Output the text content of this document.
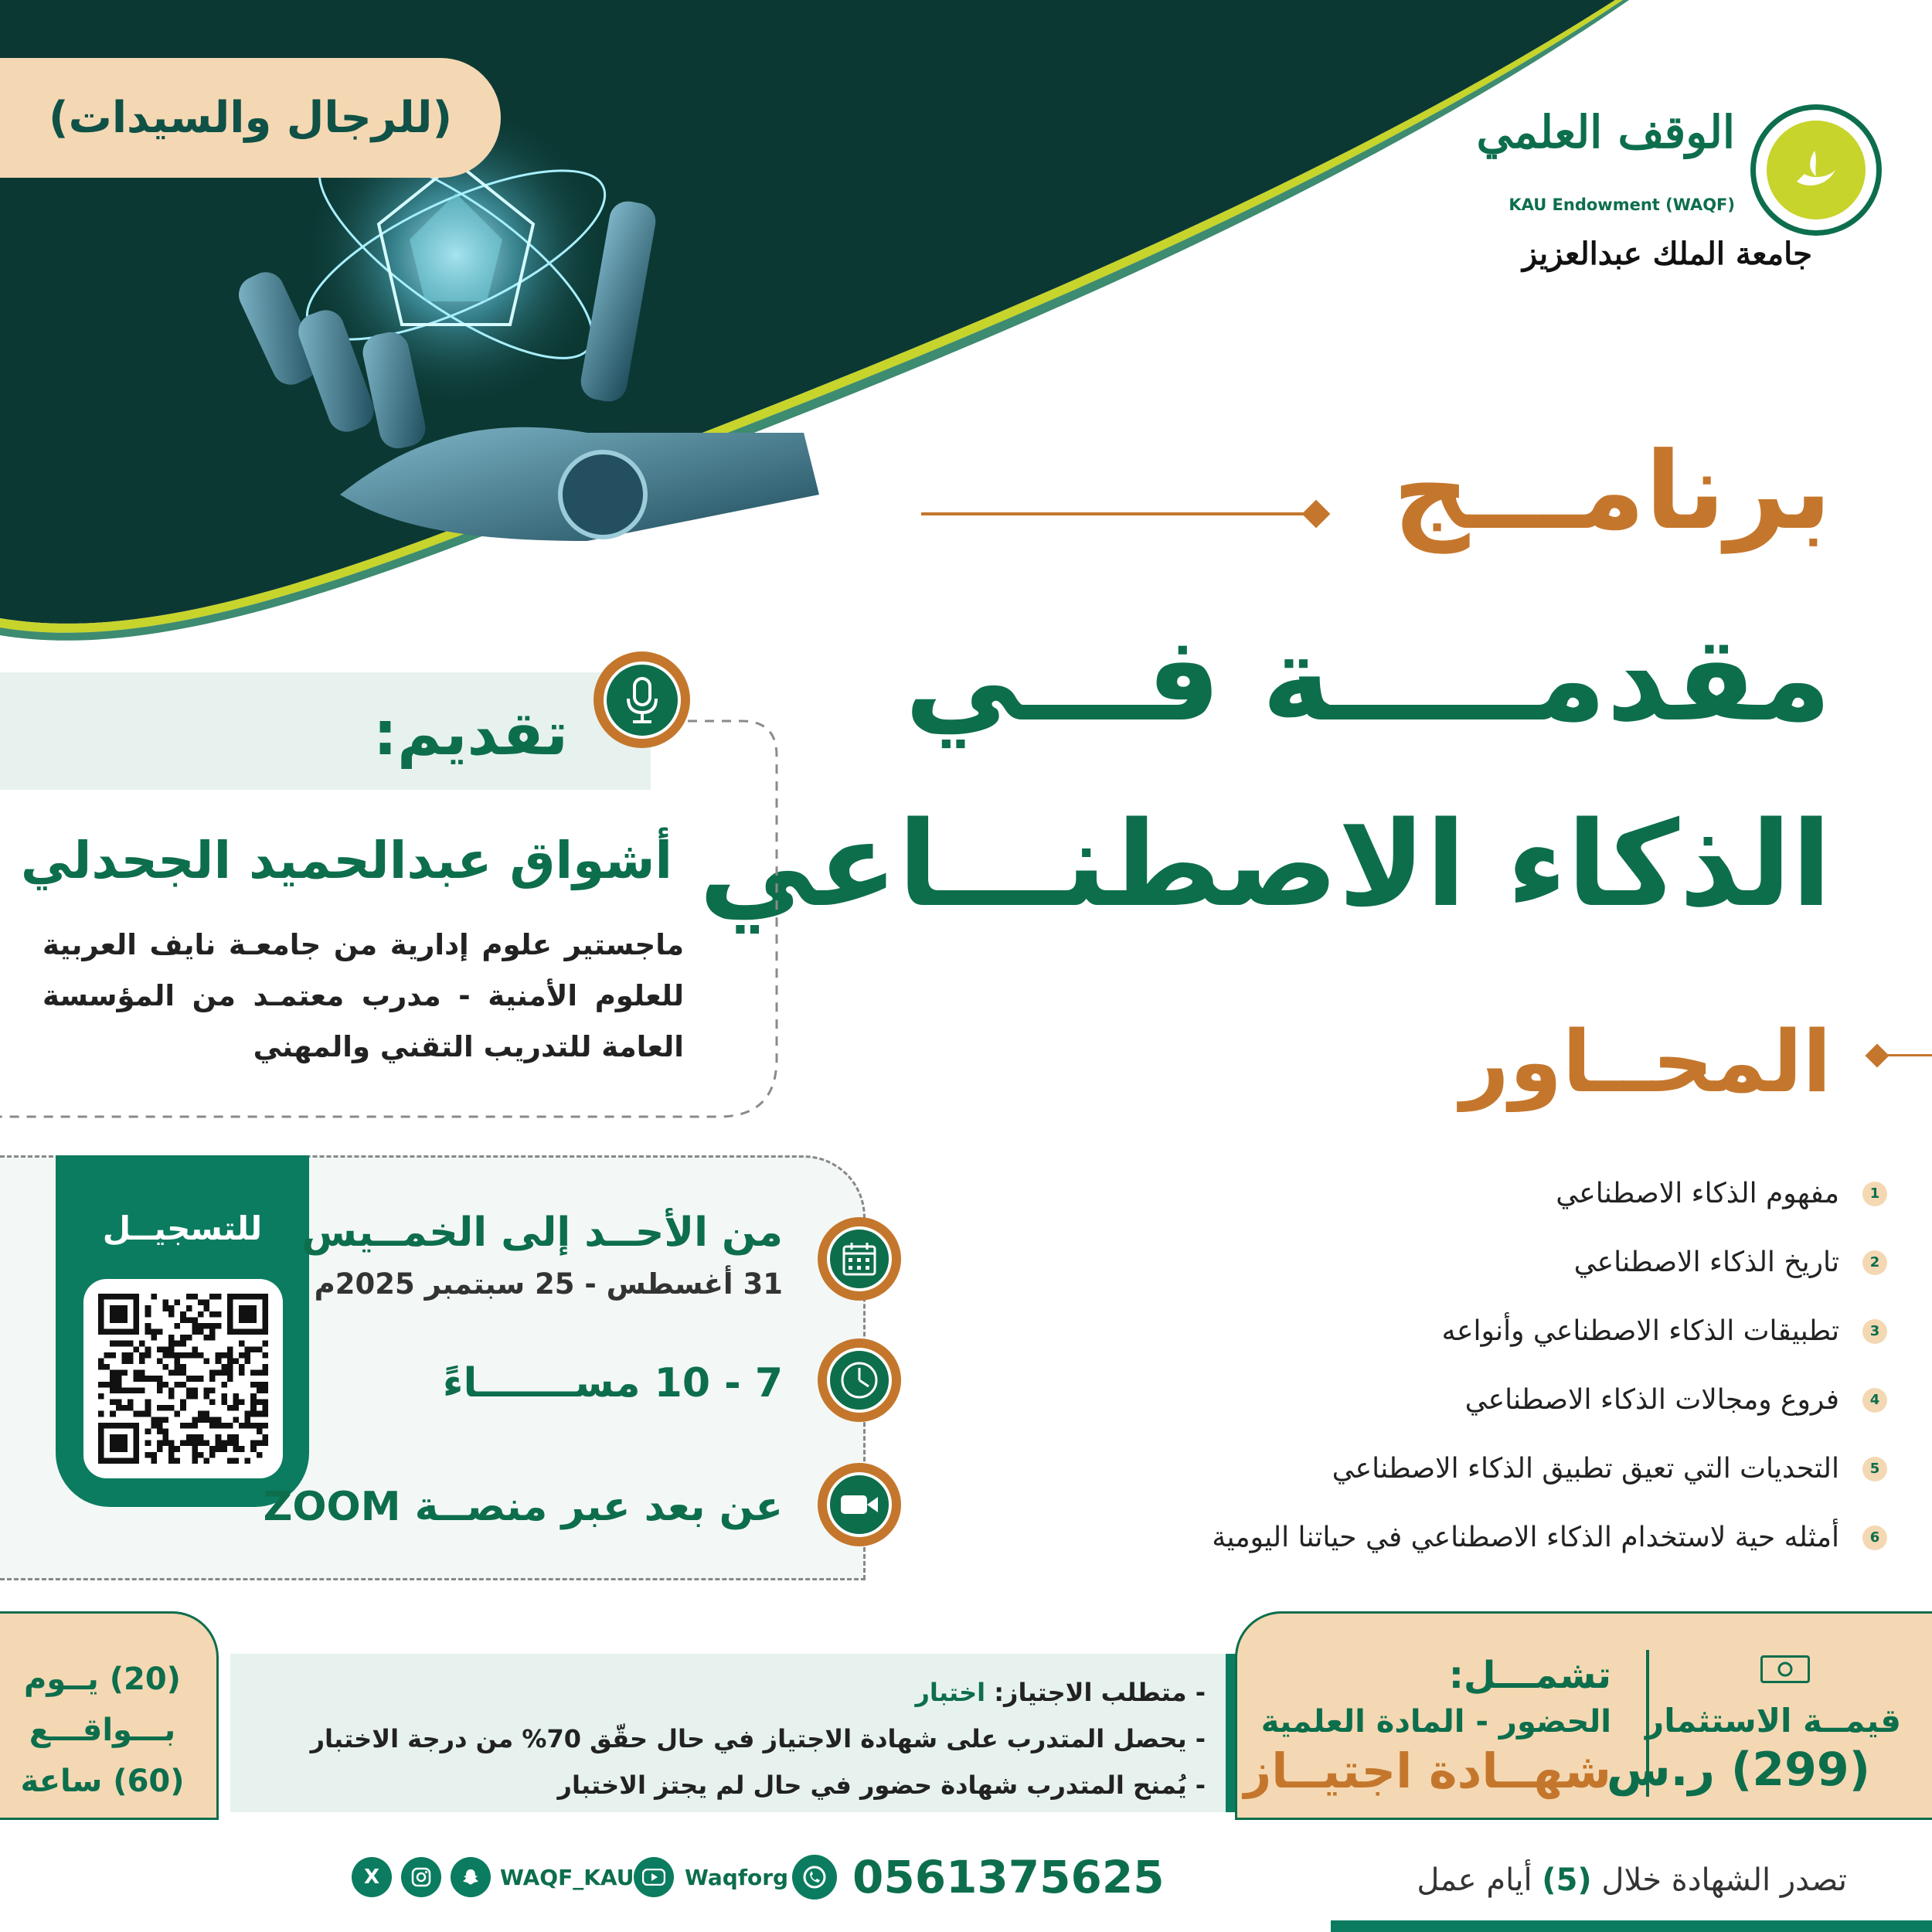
(للرجال والسيدات)	الوقف العلمي
KAU Endowment (WAQF)
جامعة الملك عبدالعزيز
برنامـــج
مقدمـــــة فـــي
الذكاء الاصطنـــاعي
تقديم:
أشواق عبدالحميد الجحدلي
ماجستير علوم إدارية من جامعـة نايف العربية للعلوم الأمنية - مدرب معتمـد من المؤسسة العامة للتدريب التقني والمهني	المحــاور
1
مفهوم الذكاء الاصطناعي
2
تاريخ الذكاء الاصطناعي
3
تطبيقات الذكاء الاصطناعي وأنواعه
4
فروع ومجالات الذكاء الاصطناعي
5
التحديات التي تعيق تطبيق الذكاء الاصطناعي
6
أمثله حية لاستخدام الذكاء الاصطناعي في حياتنا اليومية
للتسجيــل من الأحــد إلى الخمــيس
31 أغسطس - 25 سبتمبر 2025م
7 - 10 مســـــــاءً
عن بعد عبر منصــة ZOOM
(20) يــوم
بـــواقـــع
(60) ساعة
- متطلب الاجتياز: اختبار
- يحصل المتدرب على شهادة الاجتياز في حال حقّق 70% من درجة الاختبار
- يُمنح المتدرب شهادة حضور في حال لم يجتز الاختبار
تشمـــل:
الحضور - المادة العلمية
شهــادة اجتيــاز
قيمــة الاستثمار
(299) ر.س
تصدر الشهادة خلال (5) أيام عمل
0561375625
Waqforg
X	WAQF_KAU
